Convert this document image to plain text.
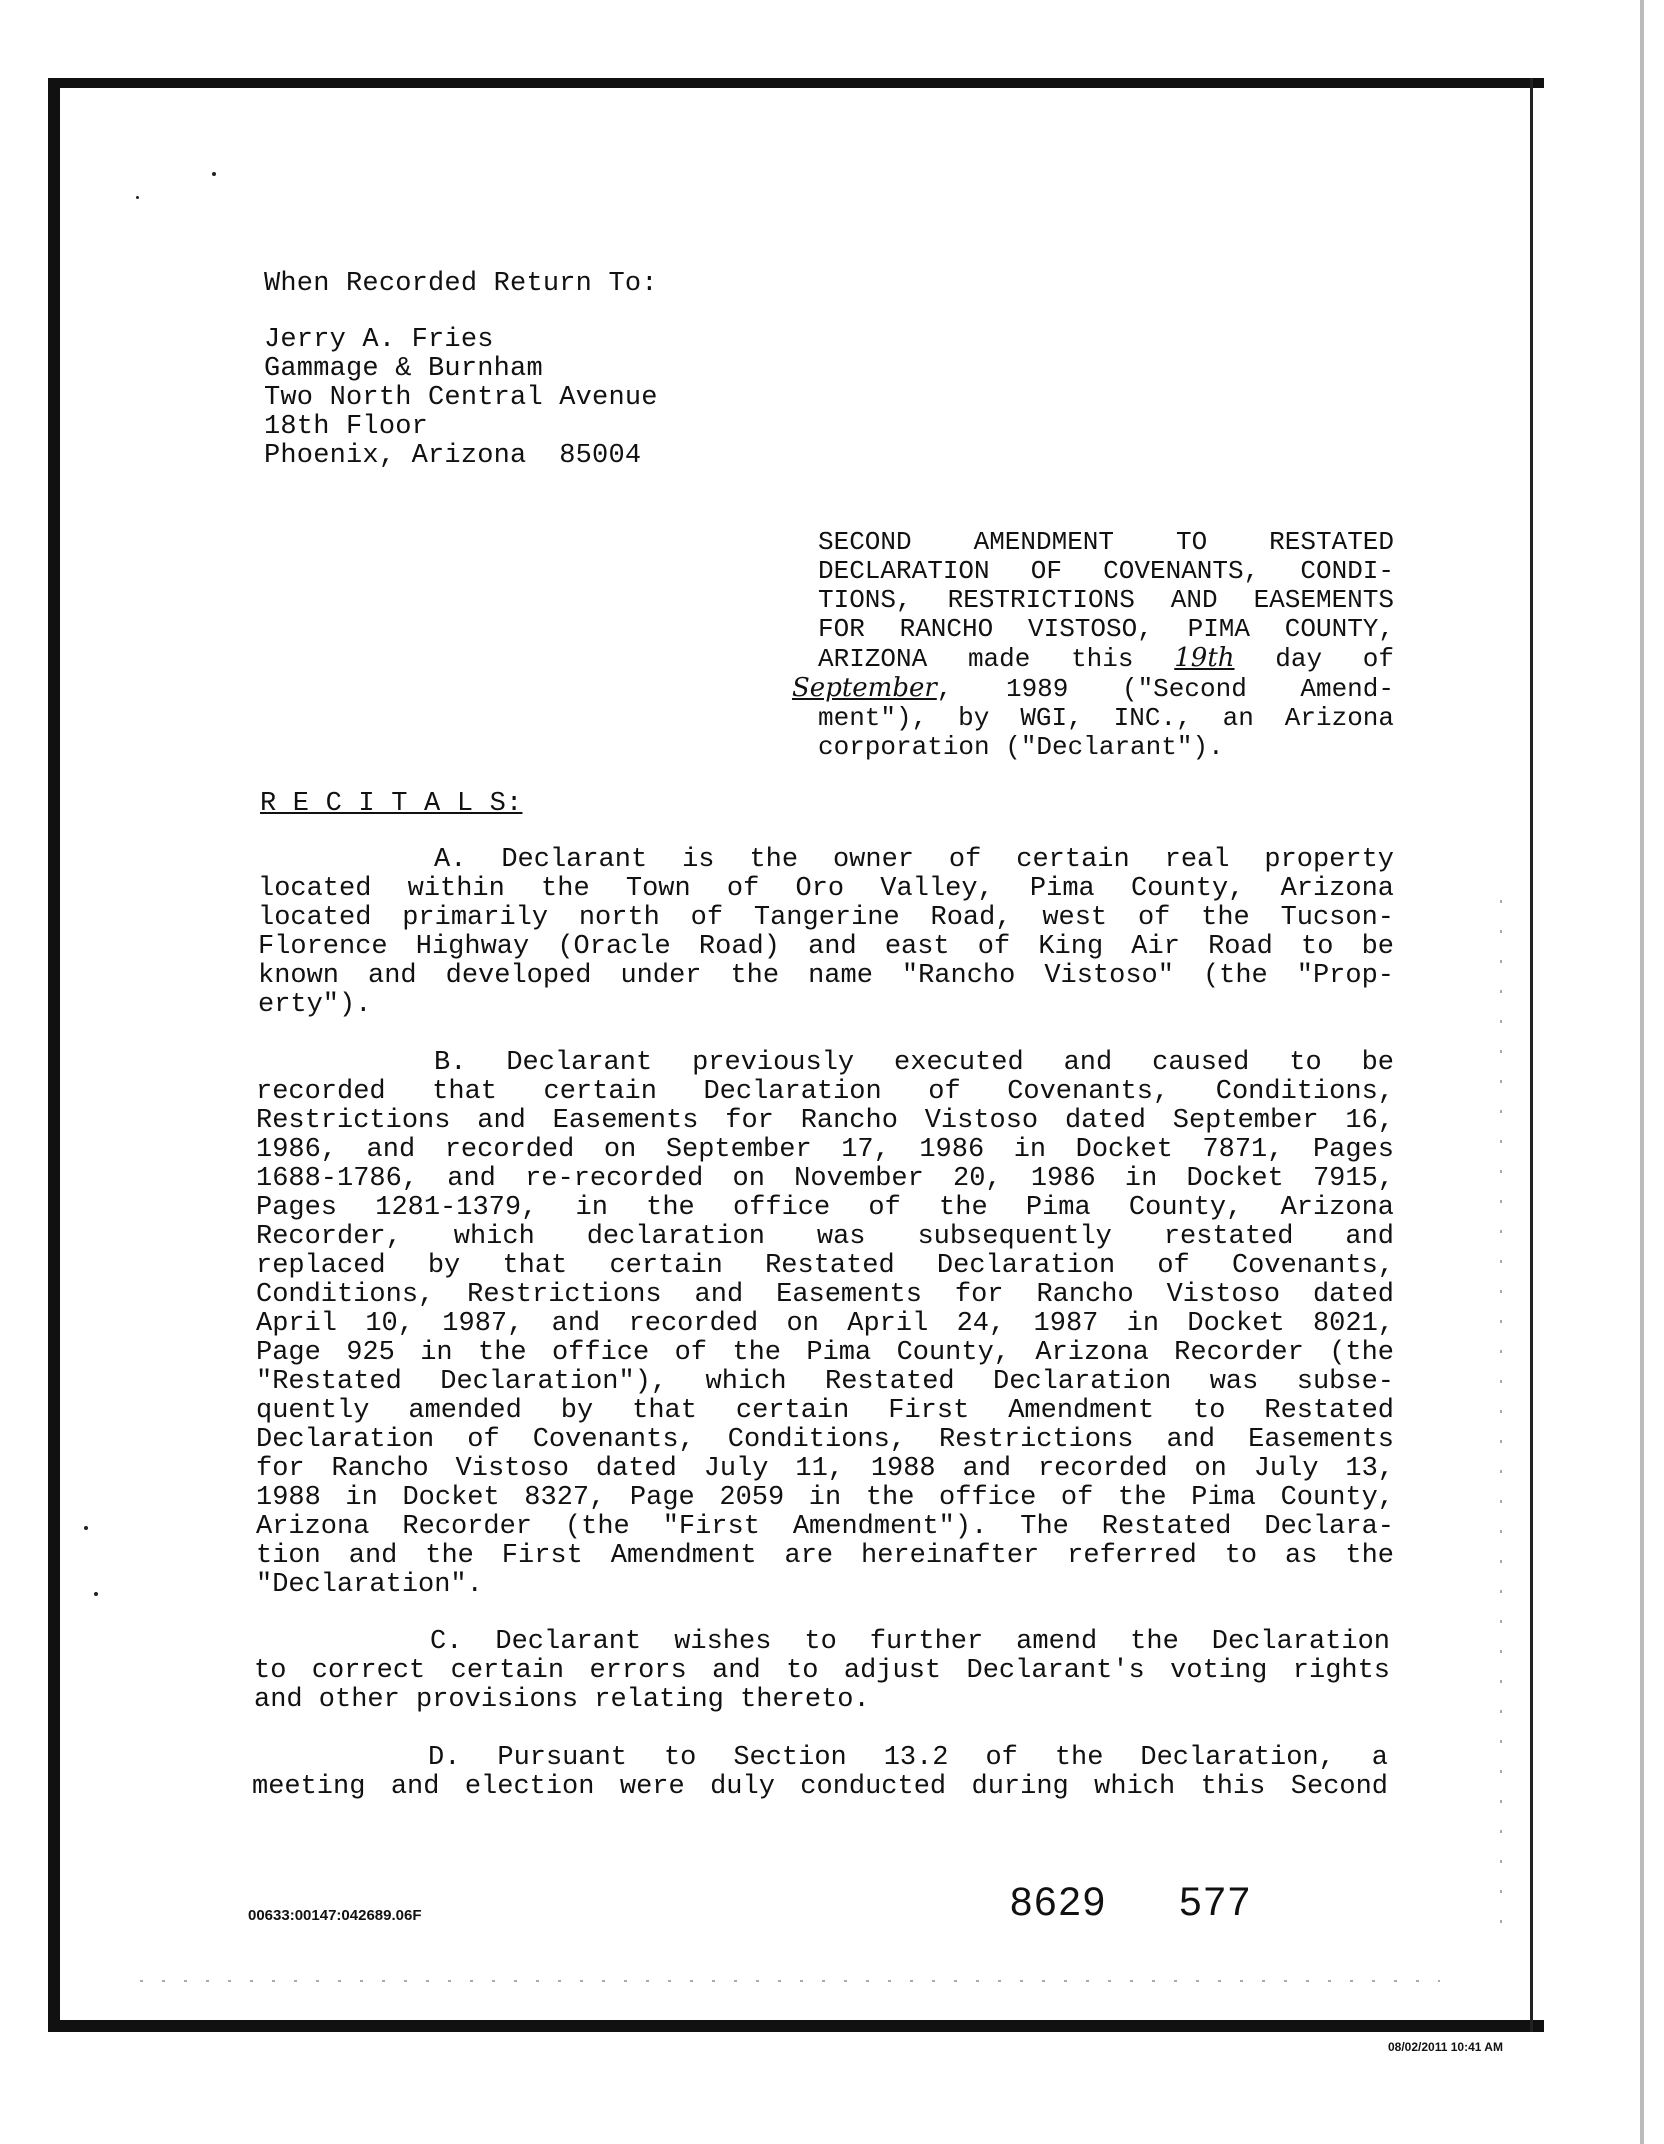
When Recorded Return To:
Jerry A. Fries
Gammage & Burnham
Two North Central Avenue
18th Floor
Phoenix, Arizona  85004
SECOND AMENDMENT TO RESTATED
DECLARATION OF COVENANTS, CONDI-
TIONS, RESTRICTIONS AND EASEMENTS
FOR RANCHO VISTOSO, PIMA COUNTY,
ARIZONA made this 19th day of
September, 1989 ("Second Amend-
ment"), by WGI, INC., an Arizona
corporation ("Declarant").
R E C I T A L S:
A. Declarant is the owner of certain real property
located within the Town of Oro Valley, Pima County, Arizona
located primarily north of Tangerine Road, west of the Tucson-
Florence Highway (Oracle Road) and east of King Air Road to be
known and developed under the name "Rancho Vistoso" (the "Prop-
erty").
B. Declarant previously executed and caused to be
recorded that certain Declaration of Covenants, Conditions,
Restrictions and Easements for Rancho Vistoso dated September 16,
1986, and recorded on September 17, 1986 in Docket 7871, Pages
1688-1786, and re-recorded on November 20, 1986 in Docket 7915,
Pages 1281-1379, in the office of the Pima County, Arizona
Recorder, which declaration was subsequently restated and
replaced by that certain Restated Declaration of Covenants,
Conditions, Restrictions and Easements for Rancho Vistoso dated
April 10, 1987, and recorded on April 24, 1987 in Docket 8021,
Page 925 in the office of the Pima County, Arizona Recorder (the
"Restated Declaration"), which Restated Declaration was subse-
quently amended by that certain First Amendment to Restated
Declaration of Covenants, Conditions, Restrictions and Easements
for Rancho Vistoso dated July 11, 1988 and recorded on July 13,
1988 in Docket 8327, Page 2059 in the office of the Pima County,
Arizona Recorder (the "First Amendment"). The Restated Declara-
tion and the First Amendment are hereinafter referred to as the
"Declaration".
C. Declarant wishes to further amend the Declaration
to correct certain errors and to adjust Declarant's voting rights
and other provisions relating thereto.
D. Pursuant to Section 13.2 of the Declaration, a
meeting and election were duly conducted during which this Second
00633:00147:042689.06F	8629 577
08/02/2011 10:41 AM
